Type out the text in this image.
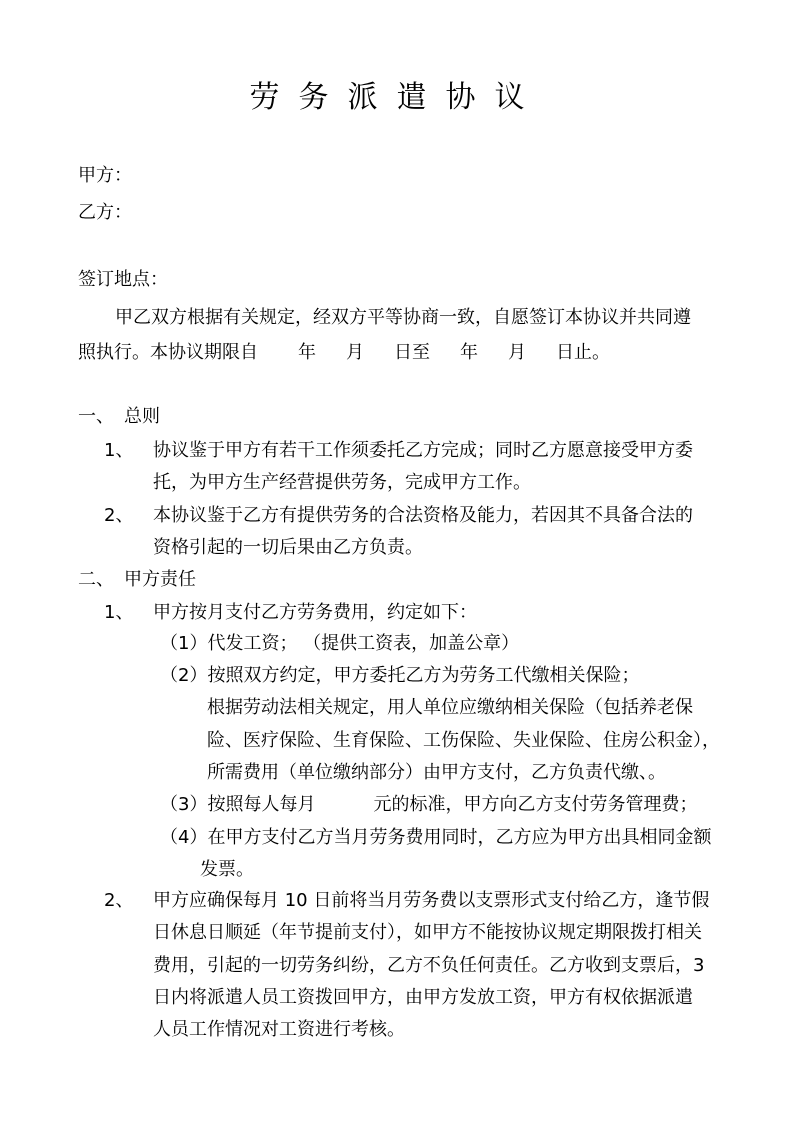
劳务派遣协议
甲方：
乙方：
签订地点：
甲乙双方根据有关规定，经双方平等协商一致，自愿签订本协议并共同遵
照执行。本协议期限自 年 月 日至 年 月 日止。
一、 总则
1、 协议鉴于甲方有若干工作须委托乙方完成；同时乙方愿意接受甲方委
托，为甲方生产经营提供劳务，完成甲方工作。
2、 本协议鉴于乙方有提供劳务的合法资格及能力，若因其不具备合法的
资格引起的一切后果由乙方负责。
二、 甲方责任
1、 甲方按月支付乙方劳务费用，约定如下：
（1）代发工资； （提供工资表，加盖公章）
（2）按照双方约定，甲方委托乙方为劳务工代缴相关保险；
根据劳动法相关规定，用人单位应缴纳相关保险（包括养老保
险、医疗保险、生育保险、工伤保险、失业保险、住房公积金），
所需费用（单位缴纳部分）由甲方支付，乙方负责代缴、。
（3）按照每人每月	元的标准，甲方向乙方支付劳务管理费；
（4）在甲方支付乙方当月劳务费用同时，乙方应为甲方出具相同金额
发票。
2、 甲方应确保每月 10 日前将当月劳务费以支票形式支付给乙方，逢节假
日休息日顺延（年节提前支付），如甲方不能按协议规定期限拨打相关
费用，引起的一切劳务纠纷，乙方不负任何责任。乙方收到支票后，3
日内将派遣人员工资拨回甲方，由甲方发放工资，甲方有权依据派遣
人员工作情况对工资进行考核。
